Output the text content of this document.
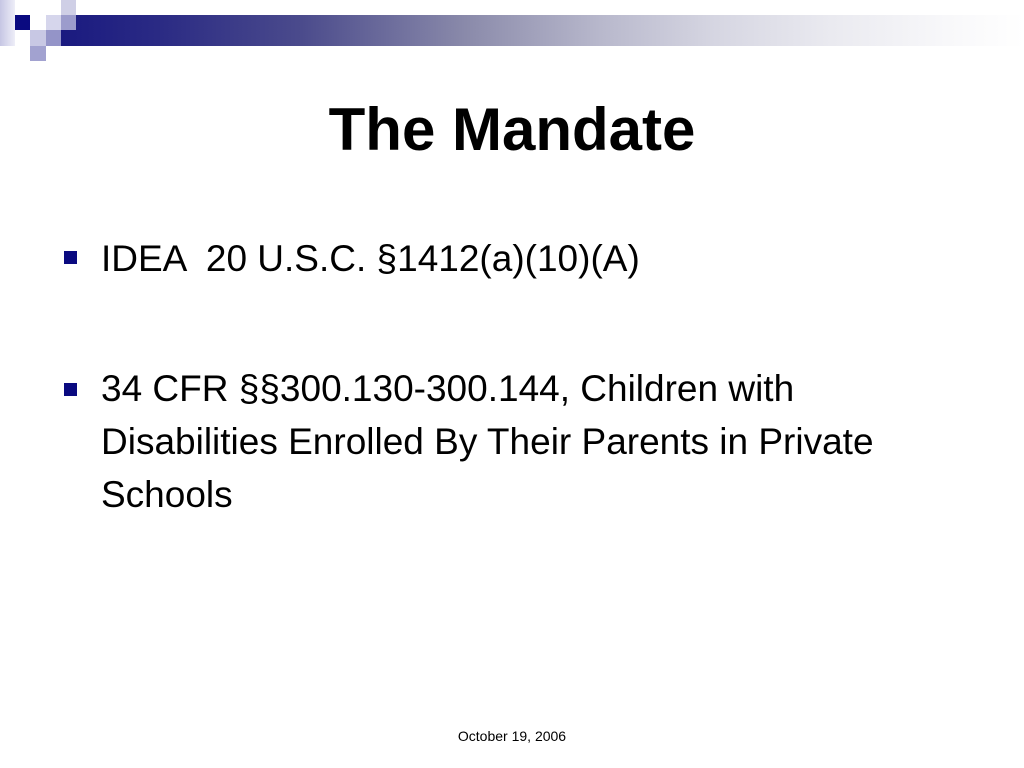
The Mandate
IDEA  20 U.S.C. §1412(a)(10)(A)
34 CFR §§300.130-300.144, Children with Disabilities Enrolled By Their Parents in Private Schools
October 19, 2006
